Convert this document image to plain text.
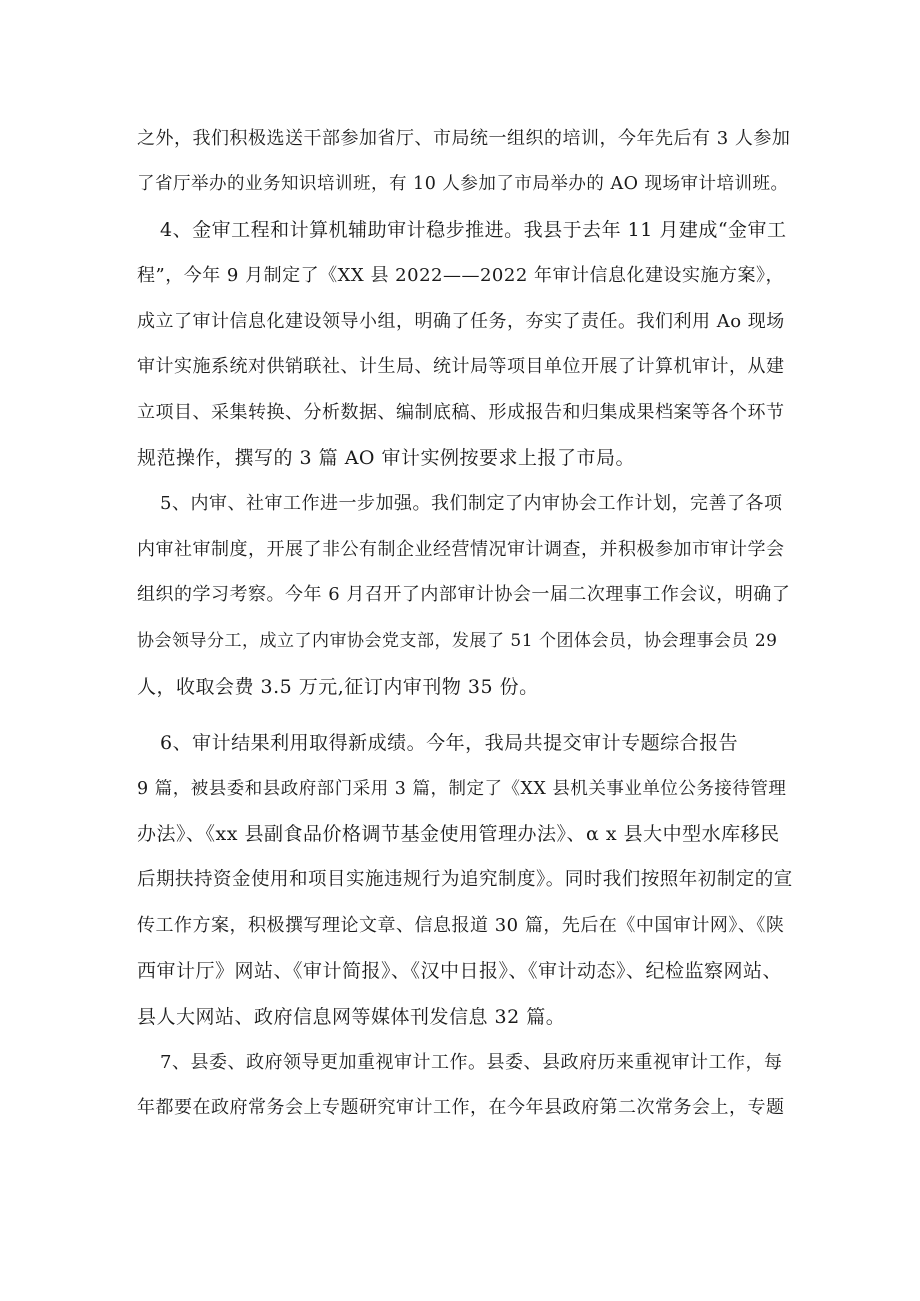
之外，我们积极选送干部参加省厅、市局统一组织的培训，今年先后有 3 人参加

了省厅举办的业务知识培训班，有 10 人参加了市局举办的 AO 现场审计培训班。

4、金审工程和计算机辅助审计稳步推进。我县于去年 11 月建成“金审工

程”，今年 9 月制定了《XX 县 2022——2022 年审计信息化建设实施方案》，

成立了审计信息化建设领导小组，明确了任务，夯实了责任。我们利用 Ao 现场

审计实施系统对供销联社、计生局、统计局等项目单位开展了计算机审计，从建

立项目、采集转换、分析数据、编制底稿、形成报告和归集成果档案等各个环节

规范操作，撰写的 3 篇 AO 审计实例按要求上报了市局。

5、内审、社审工作进一步加强。我们制定了内审协会工作计划，完善了各项

内审社审制度，开展了非公有制企业经营情况审计调查，并积极参加市审计学会

组织的学习考察。今年 6 月召开了内部审计协会一届二次理事工作会议，明确了

协会领导分工，成立了内审协会党支部，发展了 51 个团体会员，协会理事会员 29

人，收取会费 3.5 万元,征订内审刊物 35 份。

6、审计结果利用取得新成绩。今年，我局共提交审计专题综合报告

9 篇，被县委和县政府部门采用 3 篇，制定了《XX 县机关事业单位公务接待管理

办法》、《xx 县副食品价格调节基金使用管理办法》、α x 县大中型水库移民

后期扶持资金使用和项目实施违规行为追究制度》。同时我们按照年初制定的宣

传工作方案，积极撰写理论文章、信息报道 30 篇，先后在《中国审计网》、《陕

西审计厅》网站、《审计简报》、《汉中日报》、《审计动态》、纪检监察网站、

县人大网站、政府信息网等媒体刊发信息 32 篇。

7、县委、政府领导更加重视审计工作。县委、县政府历来重视审计工作，每

年都要在政府常务会上专题研究审计工作，在今年县政府第二次常务会上，专题
